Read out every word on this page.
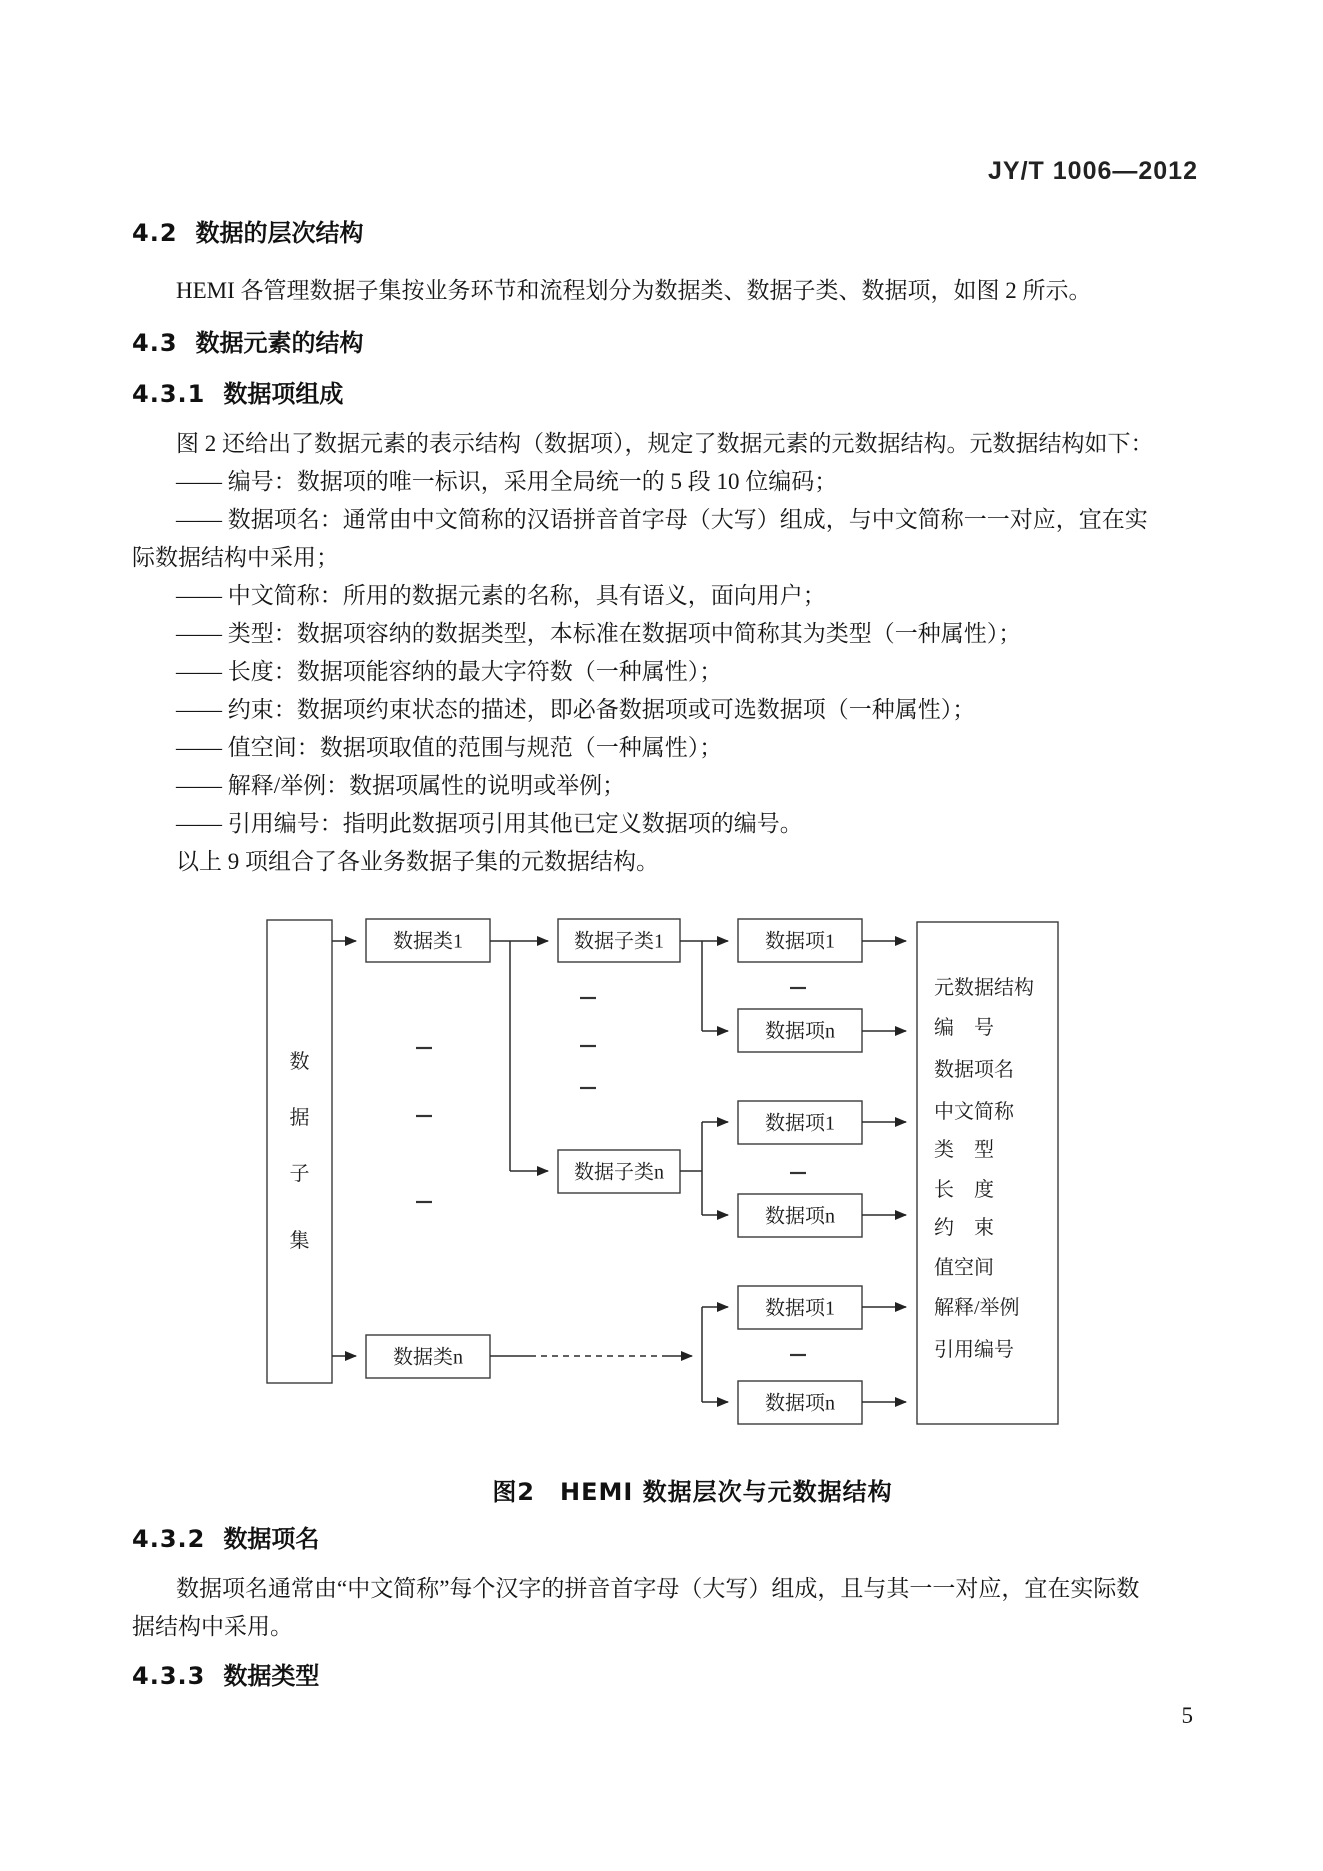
JY/T 1006—2012
4.2 数据的层次结构
HEMI 各管理数据子集按业务环节和流程划分为数据类、数据子类、数据项，如图 2 所示。
4.3 数据元素的结构
4.3.1 数据项组成
图 2 还给出了数据元素的表示结构（数据项），规定了数据元素的元数据结构。元数据结构如下：
—— 编号：数据项的唯一标识，采用全局统一的 5 段 10 位编码；
—— 数据项名：通常由中文简称的汉语拼音首字母（大写）组成，与中文简称一一对应，宜在实
际数据结构中采用；
—— 中文简称：所用的数据元素的名称，具有语义，面向用户；
—— 类型：数据项容纳的数据类型，本标准在数据项中简称其为类型（一种属性）；
—— 长度：数据项能容纳的最大字符数（一种属性）；
—— 约束：数据项约束状态的描述，即必备数据项或可选数据项（一种属性）；
—— 值空间：数据项取值的范围与规范（一种属性）；
—— 解释/举例：数据项属性的说明或举例；
—— 引用编号：指明此数据项引用其他已定义数据项的编号。
以上 9 项组合了各业务数据子集的元数据结构。
数
据
子
集
数据类1
数据类n
数据子类1
数据子类n
数据项1
数据项n
数据项1
数据项n
数据项1
数据项n
元数据结构
编　号
数据项名
中文简称
类　型
长　度
约　束
值空间
解释/举例
引用编号
图2　HEMI 数据层次与元数据结构
4.3.2 数据项名
数据项名通常由“中文简称”每个汉字的拼音首字母（大写）组成，且与其一一对应，宜在实际数
据结构中采用。
4.3.3 数据类型
5
